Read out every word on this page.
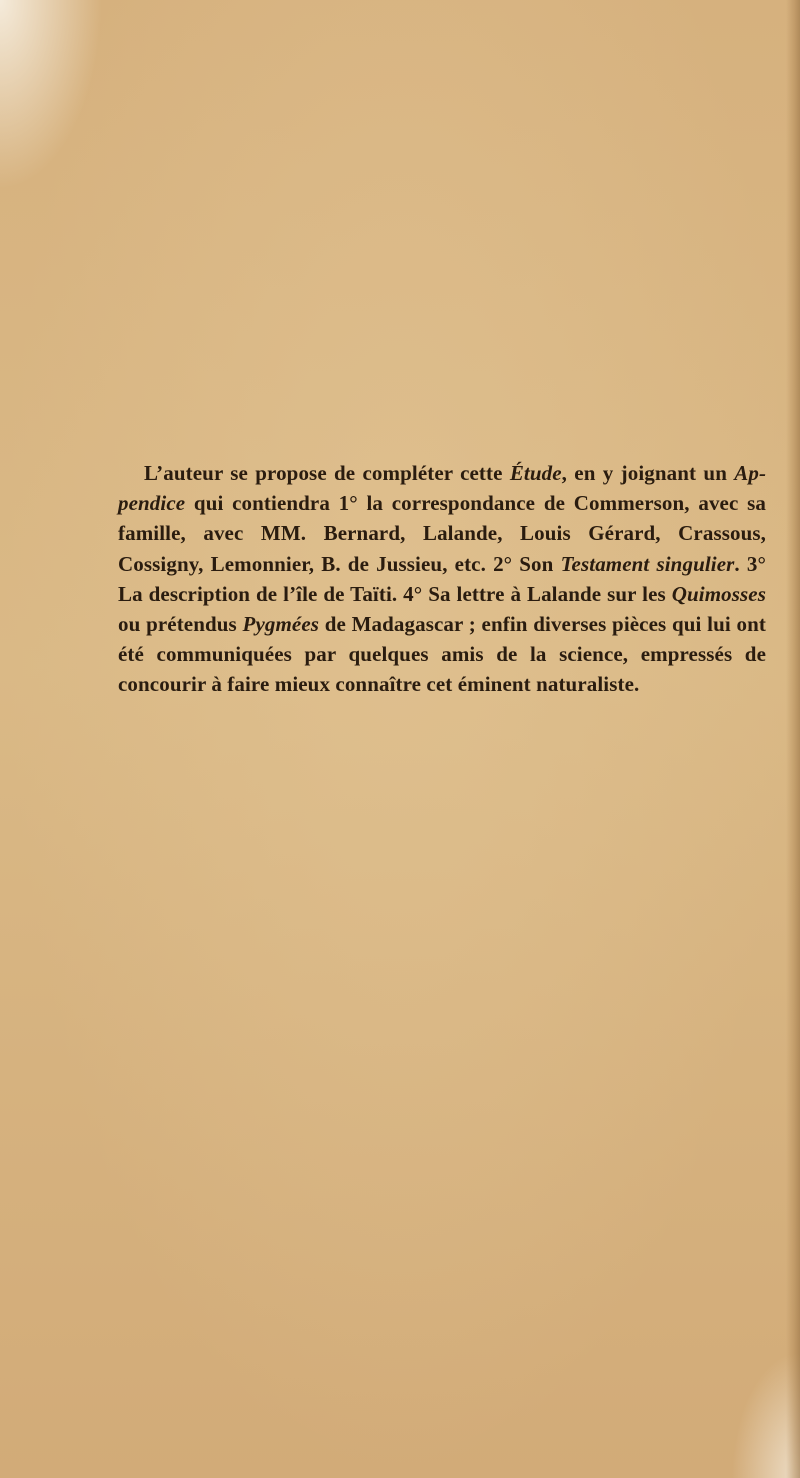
L’auteur se propose de compléter cette Étude, en y joignant un Appendice qui contiendra 1° la correspondance de Commerson, avec sa famille, avec MM. Bernard, Lalande, Louis Gérard, Crassous, Cossigny, Lemonnier, B. de Jussieu, etc. 2° Son Testament singulier. 3° La description de l’île de Taïti. 4° Sa lettre à Lalande sur les Quimosses ou prétendus Pygmées de Madagascar ; enfin diverses pièces qui lui ont été communiquées par quelques amis de la science, empressés de concourir à faire mieux connaître cet éminent naturaliste.
